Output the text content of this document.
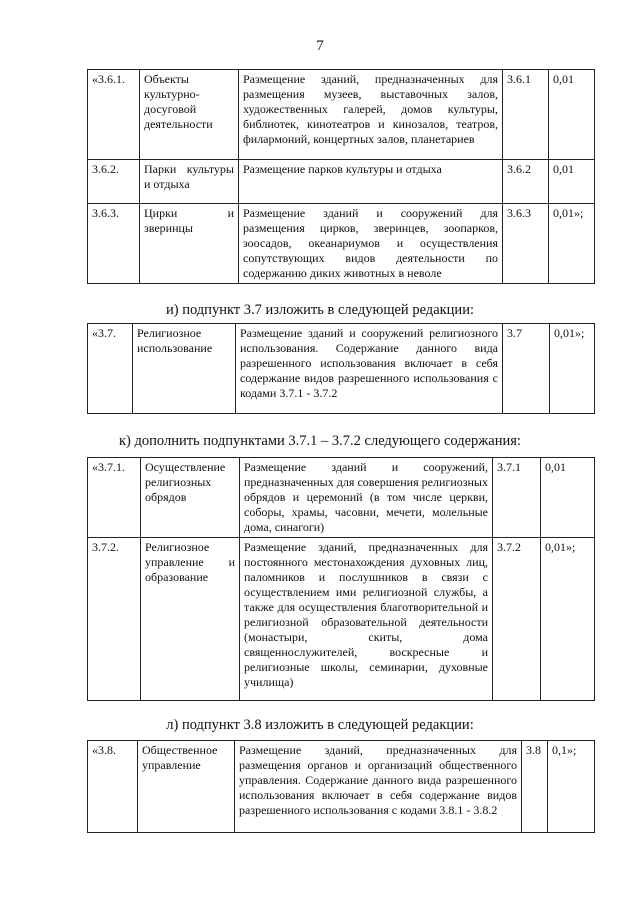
7
«3.6.1.	Объекты культурно-досуговой деятельности	Размещение зданий, предназначенных для размещения музеев, выставочных залов, художественных галерей, домов культуры, библиотек, кинотеатров и кинозалов, театров, филармоний, концертных залов, планетариев	3.6.1	0,01
3.6.2.	Парки культуры и отдыха	Размещение парков культуры и отдыха	3.6.2	0,01
3.6.3.	Цирки и зверинцы	Размещение зданий и сооружений для размещения цирков, зверинцев, зоопарков, зоосадов, океанариумов и осуществления сопутствующих видов деятельности по содержанию диких животных в неволе	3.6.3	0,01»;
и) подпункт 3.7 изложить в следующей редакции:
«3.7.	Религиозное использование	Размещение зданий и сооружений религиозного использования. Содержание данного вида разрешенного использования включает в себя содержание видов разрешенного использования с кодами 3.7.1 - 3.7.2	3.7	0,01»;
к) дополнить подпунктами 3.7.1 – 3.7.2 следующего содержания:
«3.7.1.	Осуществление религиозных обрядов	Размещение зданий и сооружений, предназначенных для совершения религиозных обрядов и церемоний (в том числе церкви, соборы, храмы, часовни, мечети, молельные дома, синагоги)	3.7.1	0,01
3.7.2.	Религиозное управление и образование	Размещение зданий, предназначенных для постоянного местонахождения духовных лиц, паломников и послушников в связи с осуществлением ими религиозной службы, а также для осуществления благотворительной и религиозной образовательной деятельности (монастыри, скиты, дома священнослужителей, воскресные и религиозные школы, семинарии, духовные училища)	3.7.2	0,01»;
л) подпункт 3.8 изложить в следующей редакции:
«3.8.	Общественное управление	Размещение зданий, предназначенных для размещения органов и организаций общественного управления. Содержание данного вида разрешенного использования включает в себя содержание видов разрешенного использования с кодами 3.8.1 - 3.8.2	3.8	0,1»;
